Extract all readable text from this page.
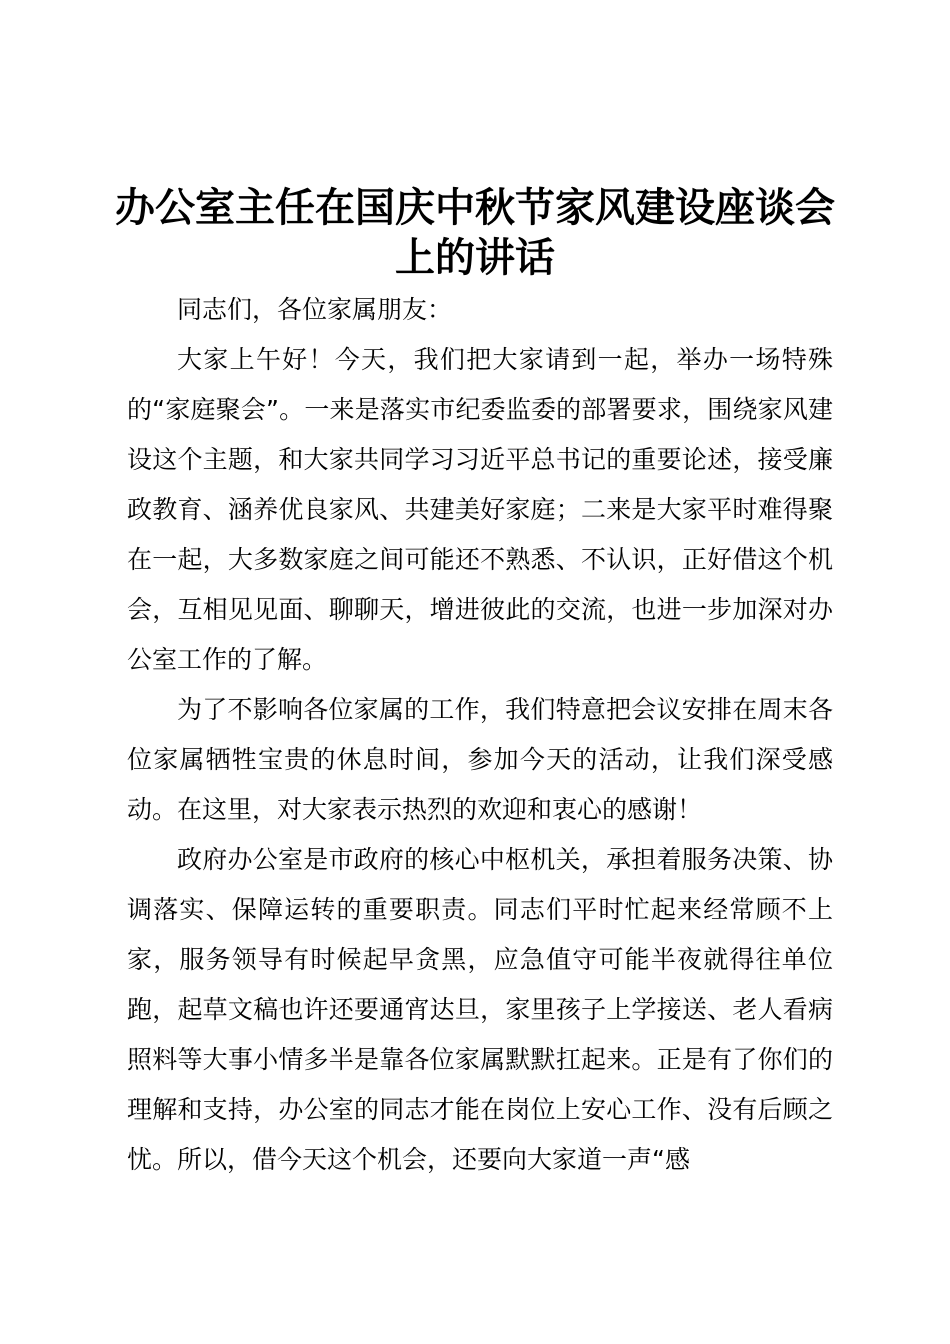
办公室主任在国庆中秋节家风建设座谈会上的讲话

同志们，各位家属朋友：

大家上午好！今天，我们把大家请到一起，举办一场特殊的“家庭聚会”。一来是落实市纪委监委的部署要求，围绕家风建设这个主题，和大家共同学习习近平总书记的重要论述，接受廉政教育、涵养优良家风、共建美好家庭；二来是大家平时难得聚在一起，大多数家庭之间可能还不熟悉、不认识，正好借这个机会，互相见见面、聊聊天，增进彼此的交流，也进一步加深对办公室工作的了解。

为了不影响各位家属的工作，我们特意把会议安排在周末各位家属牺牲宝贵的休息时间，参加今天的活动，让我们深受感动。在这里，对大家表示热烈的欢迎和衷心的感谢！

政府办公室是市政府的核心中枢机关，承担着服务决策、协调落实、保障运转的重要职责。同志们平时忙起来经常顾不上家，服务领导有时候起早贪黑，应急值守可能半夜就得往单位跑，起草文稿也许还要通宵达旦，家里孩子上学接送、老人看病照料等大事小情多半是靠各位家属默默扛起来。正是有了你们的理解和支持，办公室的同志才能在岗位上安心工作、没有后顾之忧。所以，借今天这个机会，还要向大家道一声“感
